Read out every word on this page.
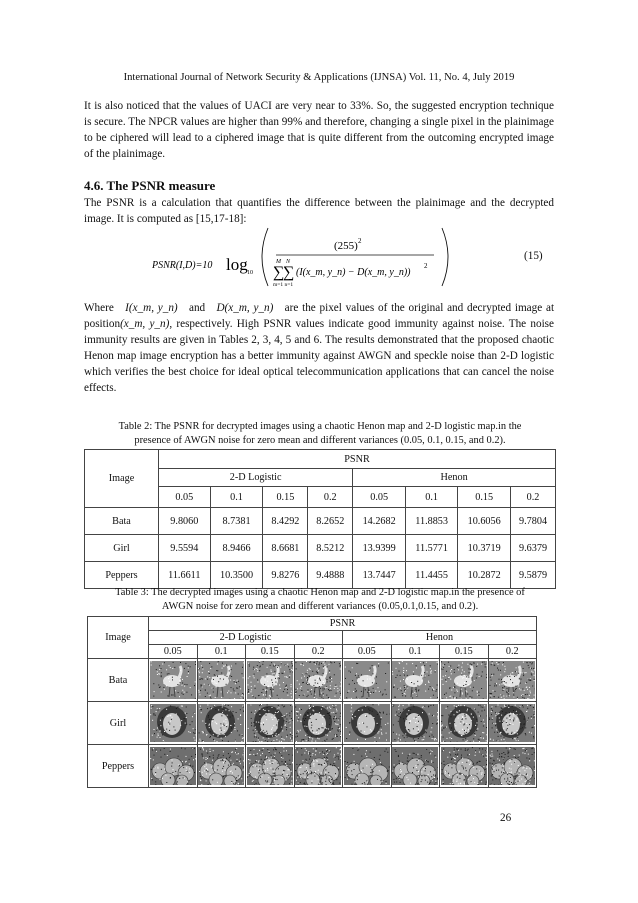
International Journal of Network Security & Applications (IJNSA) Vol. 11, No. 4, July 2019

It is also noticed that the values of UACI are very near to 33%. So, the suggested encryption technique is secure. The NPCR values are higher than 99% and therefore, changing a single pixel in the plainimage to be ciphered will lead to a ciphered image that is quite different from the outcoming encrypted image of the plainimage.

4.6. The PSNR measure

The PSNR is a calculation that quantifies the difference between the plainimage and the decrypted image. It is computed as [15,17-18]:

PSNR(I,D)=10 log 10
(255) 2
M N
∑
∑
m=1 n=1
(I(x_m, y_n) − D(x_m, y_n))
2
(15)

Where I(x_m, y_n) and D(x_m, y_n) are the pixel values of the original and decrypted image at position(x_m, y_n), respectively. High PSNR values indicate good immunity against noise. The noise immunity results are given in Tables 2, 3, 4, 5 and 6. The results demonstrated that the proposed chaotic Henon map image encryption has a better immunity against AWGN and speckle noise than 2-D logistic which verifies the best choice for ideal optical telecommunication applications that can cancel the noise effects.

Table 2: The PSNR for decrypted images using a chaotic Henon map and 2-D logistic map.in the presence of AWGN noise for zero mean and different variances (0.05, 0.1, 0.15, and 0.2).
Image	PSNR							
	2-D Logistic				Henon			
	0.05	0.1	0.15	0.2	0.05	0.1	0.15	0.2
Bata	9.8060	8.7381	8.4292	8.2652	14.2682	11.8853	10.6056	9.7804
Girl	9.5594	8.9466	8.6681	8.5212	13.9399	11.5771	10.3719	9.6379
Peppers	11.6611	10.3500	9.8276	9.4888	13.7447	11.4455	10.2872	9.5879
Table 3: The decrypted images using a chaotic Henon map and 2-D logistic map.in the presence of AWGN noise for zero mean and different variances (0.05,0.1,0.15, and 0.2).
Image	PSNR							
	2-D Logistic				Henon			
	0.05	0.1	0.15	0.2	0.05	0.1	0.15	0.2
Bata	

Girl	

Peppers	

26
